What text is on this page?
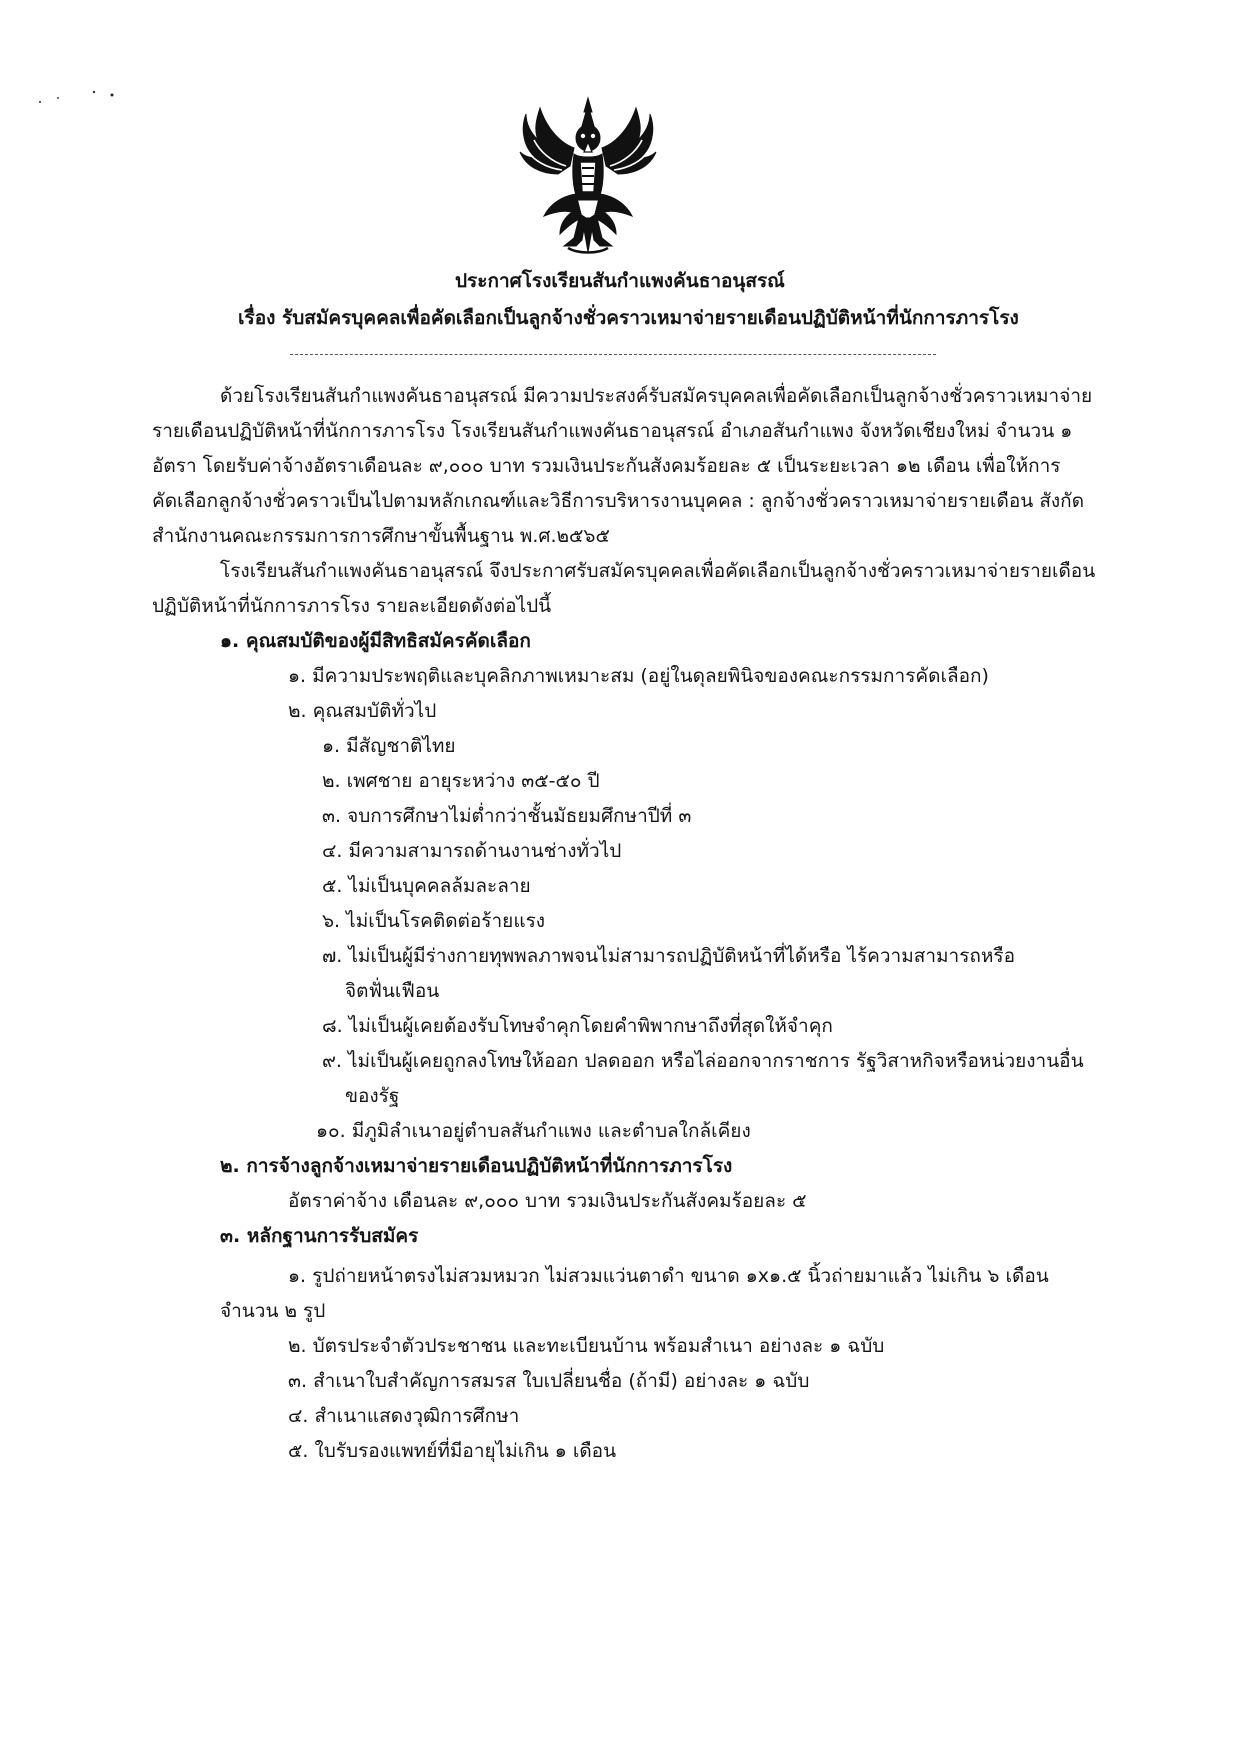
ประกาศโรงเรียนสันกำแพงคันธาอนุสรณ์
เรื่อง รับสมัครบุคคลเพื่อคัดเลือกเป็นลูกจ้างชั่วคราวเหมาจ่ายรายเดือนปฏิบัติหน้าที่นักการภารโรง
ด้วยโรงเรียนสันกำแพงคันธาอนุสรณ์ มีความประสงค์รับสมัครบุคคลเพื่อคัดเลือกเป็นลูกจ้างชั่วคราวเหมาจ่าย
รายเดือนปฏิบัติหน้าที่นักการภารโรง โรงเรียนสันกำแพงคันธาอนุสรณ์ อำเภอสันกำแพง จังหวัดเชียงใหม่ จำนวน ๑
อัตรา โดยรับค่าจ้างอัตราเดือนละ ๙,๐๐๐ บาท รวมเงินประกันสังคมร้อยละ ๕ เป็นระยะเวลา ๑๒ เดือน เพื่อให้การ
คัดเลือกลูกจ้างชั่วคราวเป็นไปตามหลักเกณฑ์และวิธีการบริหารงานบุคคล : ลูกจ้างชั่วคราวเหมาจ่ายรายเดือน สังกัด
สำนักงานคณะกรรมการการศึกษาขั้นพื้นฐาน พ.ศ.๒๕๖๕
โรงเรียนสันกำแพงคันธาอนุสรณ์ จึงประกาศรับสมัครบุคคลเพื่อคัดเลือกเป็นลูกจ้างชั่วคราวเหมาจ่ายรายเดือน
ปฏิบัติหน้าที่นักการภารโรง รายละเอียดดังต่อไปนี้
๑. คุณสมบัติของผู้มีสิทธิสมัครคัดเลือก
๑. มีความประพฤติและบุคลิกภาพเหมาะสม (อยู่ในดุลยพินิจของคณะกรรมการคัดเลือก)
๒. คุณสมบัติทั่วไป
๑. มีสัญชาติไทย
๒. เพศชาย อายุระหว่าง ๓๕-๕๐ ปี
๓. จบการศึกษาไม่ต่ำกว่าชั้นมัธยมศึกษาปีที่ ๓
๔. มีความสามารถด้านงานช่างทั่วไป
๕. ไม่เป็นบุคคลล้มละลาย
๖. ไม่เป็นโรคติดต่อร้ายแรง
๗. ไม่เป็นผู้มีร่างกายทุพพลภาพจนไม่สามารถปฏิบัติหน้าที่ได้หรือ ไร้ความสามารถหรือ
จิตฟั่นเฟือน
๘. ไม่เป็นผู้เคยต้องรับโทษจำคุกโดยคำพิพากษาถึงที่สุดให้จำคุก
๙. ไม่เป็นผู้เคยถูกลงโทษให้ออก ปลดออก หรือไล่ออกจากราชการ รัฐวิสาหกิจหรือหน่วยงานอื่น
ของรัฐ
๑๐. มีภูมิลำเนาอยู่ตำบลสันกำแพง และตำบลใกล้เคียง
๒. การจ้างลูกจ้างเหมาจ่ายรายเดือนปฏิบัติหน้าที่นักการภารโรง
อัตราค่าจ้าง เดือนละ ๙,๐๐๐ บาท รวมเงินประกันสังคมร้อยละ ๕
๓. หลักฐานการรับสมัคร
๑. รูปถ่ายหน้าตรงไม่สวมหมวก ไม่สวมแว่นตาดำ ขนาด ๑x๑.๕ นิ้วถ่ายมาแล้ว ไม่เกิน ๖ เดือน
จำนวน ๒ รูป
๒. บัตรประจำตัวประชาชน และทะเบียนบ้าน พร้อมสำเนา อย่างละ ๑ ฉบับ
๓. สำเนาใบสำคัญการสมรส ใบเปลี่ยนชื่อ (ถ้ามี) อย่างละ ๑ ฉบับ
๔. สำเนาแสดงวุฒิการศึกษา
๕. ใบรับรองแพทย์ที่มีอายุไม่เกิน ๑ เดือน
